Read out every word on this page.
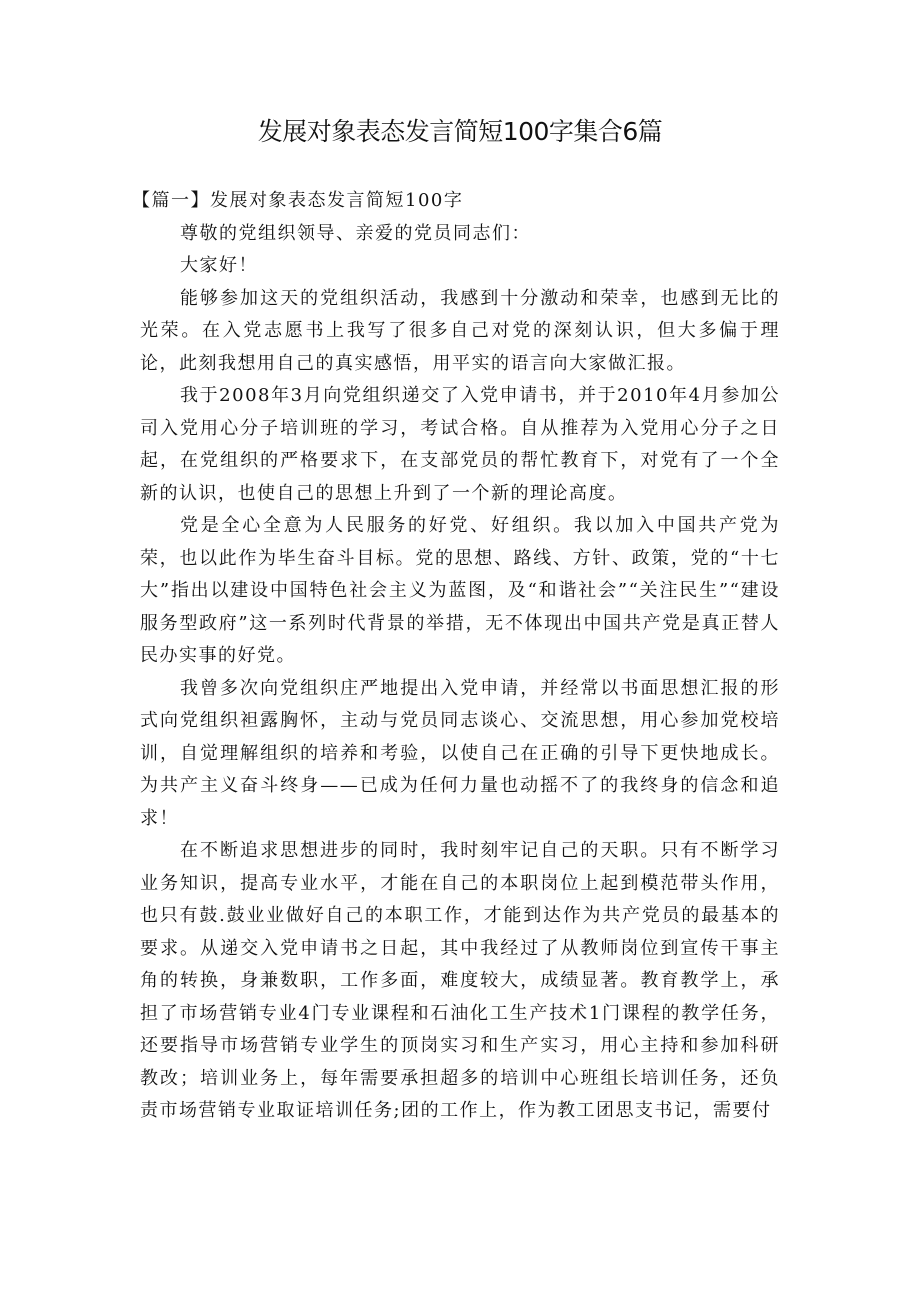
发展对象表态发言简短100字集合6篇

【篇一】发展对象表态发言简短100字

尊敬的党组织领导、亲爱的党员同志们：

大家好！

能够参加这天的党组织活动，我感到十分激动和荣幸，也感到无比的光荣。在入党志愿书上我写了很多自己对党的深刻认识，但大多偏于理论，此刻我想用自己的真实感悟，用平实的语言向大家做汇报。

我于2008年3月向党组织递交了入党申请书，并于2010年4月参加公司入党用心分子培训班的学习，考试合格。自从推荐为入党用心分子之日起，在党组织的严格要求下，在支部党员的帮忙教育下，对党有了一个全新的认识，也使自己的思想上升到了一个新的理论高度。

党是全心全意为人民服务的好党、好组织。我以加入中国共产党为荣，也以此作为毕生奋斗目标。党的思想、路线、方针、政策，党的“十七大”指出以建设中国特色社会主义为蓝图，及“和谐社会”“关注民生”“建设服务型政府”这一系列时代背景的举措，无不体现出中国共产党是真正替人民办实事的好党。

我曾多次向党组织庄严地提出入党申请，并经常以书面思想汇报的形式向党组织袒露胸怀，主动与党员同志谈心、交流思想，用心参加党校培训，自觉理解组织的培养和考验，以使自己在正确的引导下更快地成长。为共产主义奋斗终身——已成为任何力量也动摇不了的我终身的信念和追求！

在不断追求思想进步的同时，我时刻牢记自己的天职。只有不断学习业务知识，提高专业水平，才能在自己的本职岗位上起到模范带头作用，也只有鼓.鼓业业做好自己的本职工作，才能到达作为共产党员的最基本的要求。从递交入党申请书之日起，其中我经过了从教师岗位到宣传干事主角的转换，身兼数职，工作多面，难度较大，成绩显著。教育教学上，承担了市场营销专业4门专业课程和石油化工生产技术1门课程的教学任务，还要指导市场营销专业学生的顶岗实习和生产实习，用心主持和参加科研教改；培训业务上，每年需要承担超多的培训中心班组长培训任务，还负责市场营销专业取证培训任务;团的工作上，作为教工团思支书记，需要付
